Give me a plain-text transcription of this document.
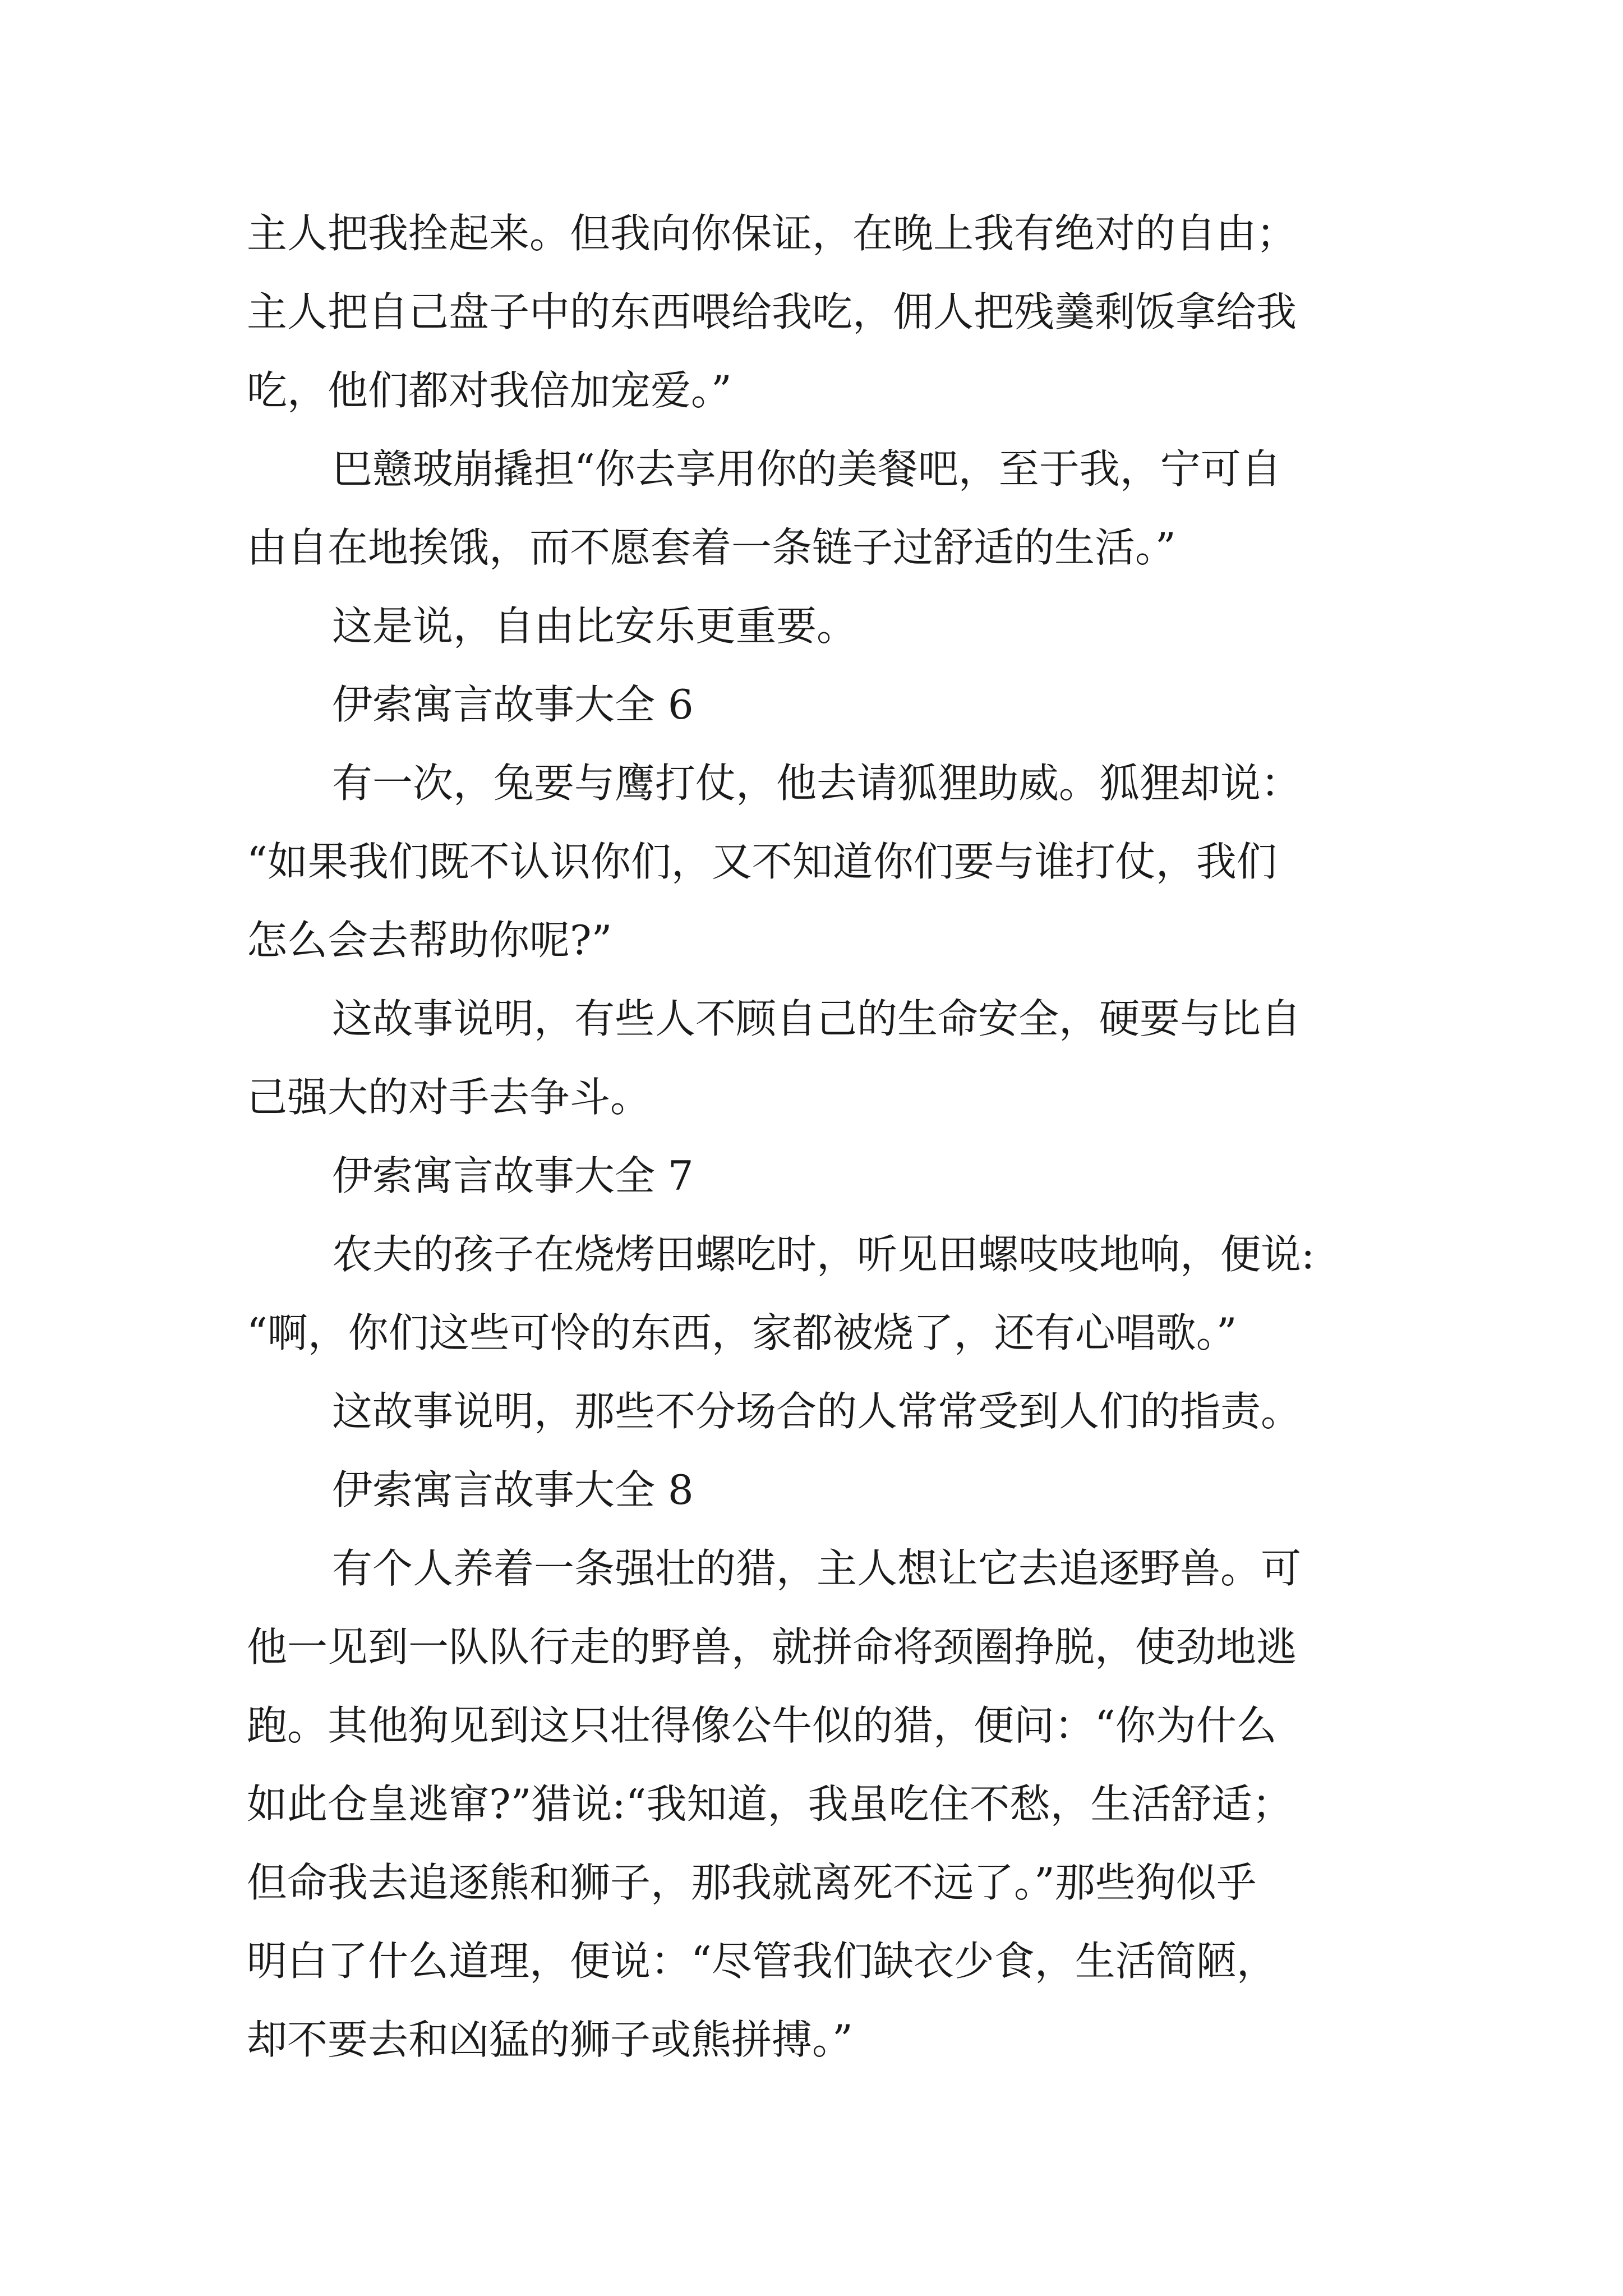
主人把我拴起来。但我向你保证，在晚上我有绝对的自由；

主人把自己盘子中的东西喂给我吃，佣人把残羹剩饭拿给我

吃，他们都对我倍加宠爱。”

巴戆玻崩撬担“你去享用你的美餐吧，至于我，宁可自

由自在地挨饿，而不愿套着一条链子过舒适的生活。”

这是说，自由比安乐更重要。

伊索寓言故事大全 6

有一次，兔要与鹰打仗，他去请狐狸助威。狐狸却说：

“如果我们既不认识你们，又不知道你们要与谁打仗，我们

怎么会去帮助你呢?”

这故事说明，有些人不顾自己的生命安全，硬要与比自

己强大的对手去争斗。

伊索寓言故事大全 7

农夫的孩子在烧烤田螺吃时，听见田螺吱吱地响，便说:

“啊，你们这些可怜的东西，家都被烧了，还有心唱歌。”

这故事说明，那些不分场合的人常常受到人们的指责。

伊索寓言故事大全 8

有个人养着一条强壮的猎，主人想让它去追逐野兽。可

他一见到一队队行走的野兽，就拼命将颈圈挣脱，使劲地逃

跑。其他狗见到这只壮得像公牛似的猎，便问：“你为什么

如此仓皇逃窜?”猎说:“我知道，我虽吃住不愁，生活舒适；

但命我去追逐熊和狮子，那我就离死不远了。”那些狗似乎

明白了什么道理，便说：“尽管我们缺衣少食，生活简陋，

却不要去和凶猛的狮子或熊拼搏。”
